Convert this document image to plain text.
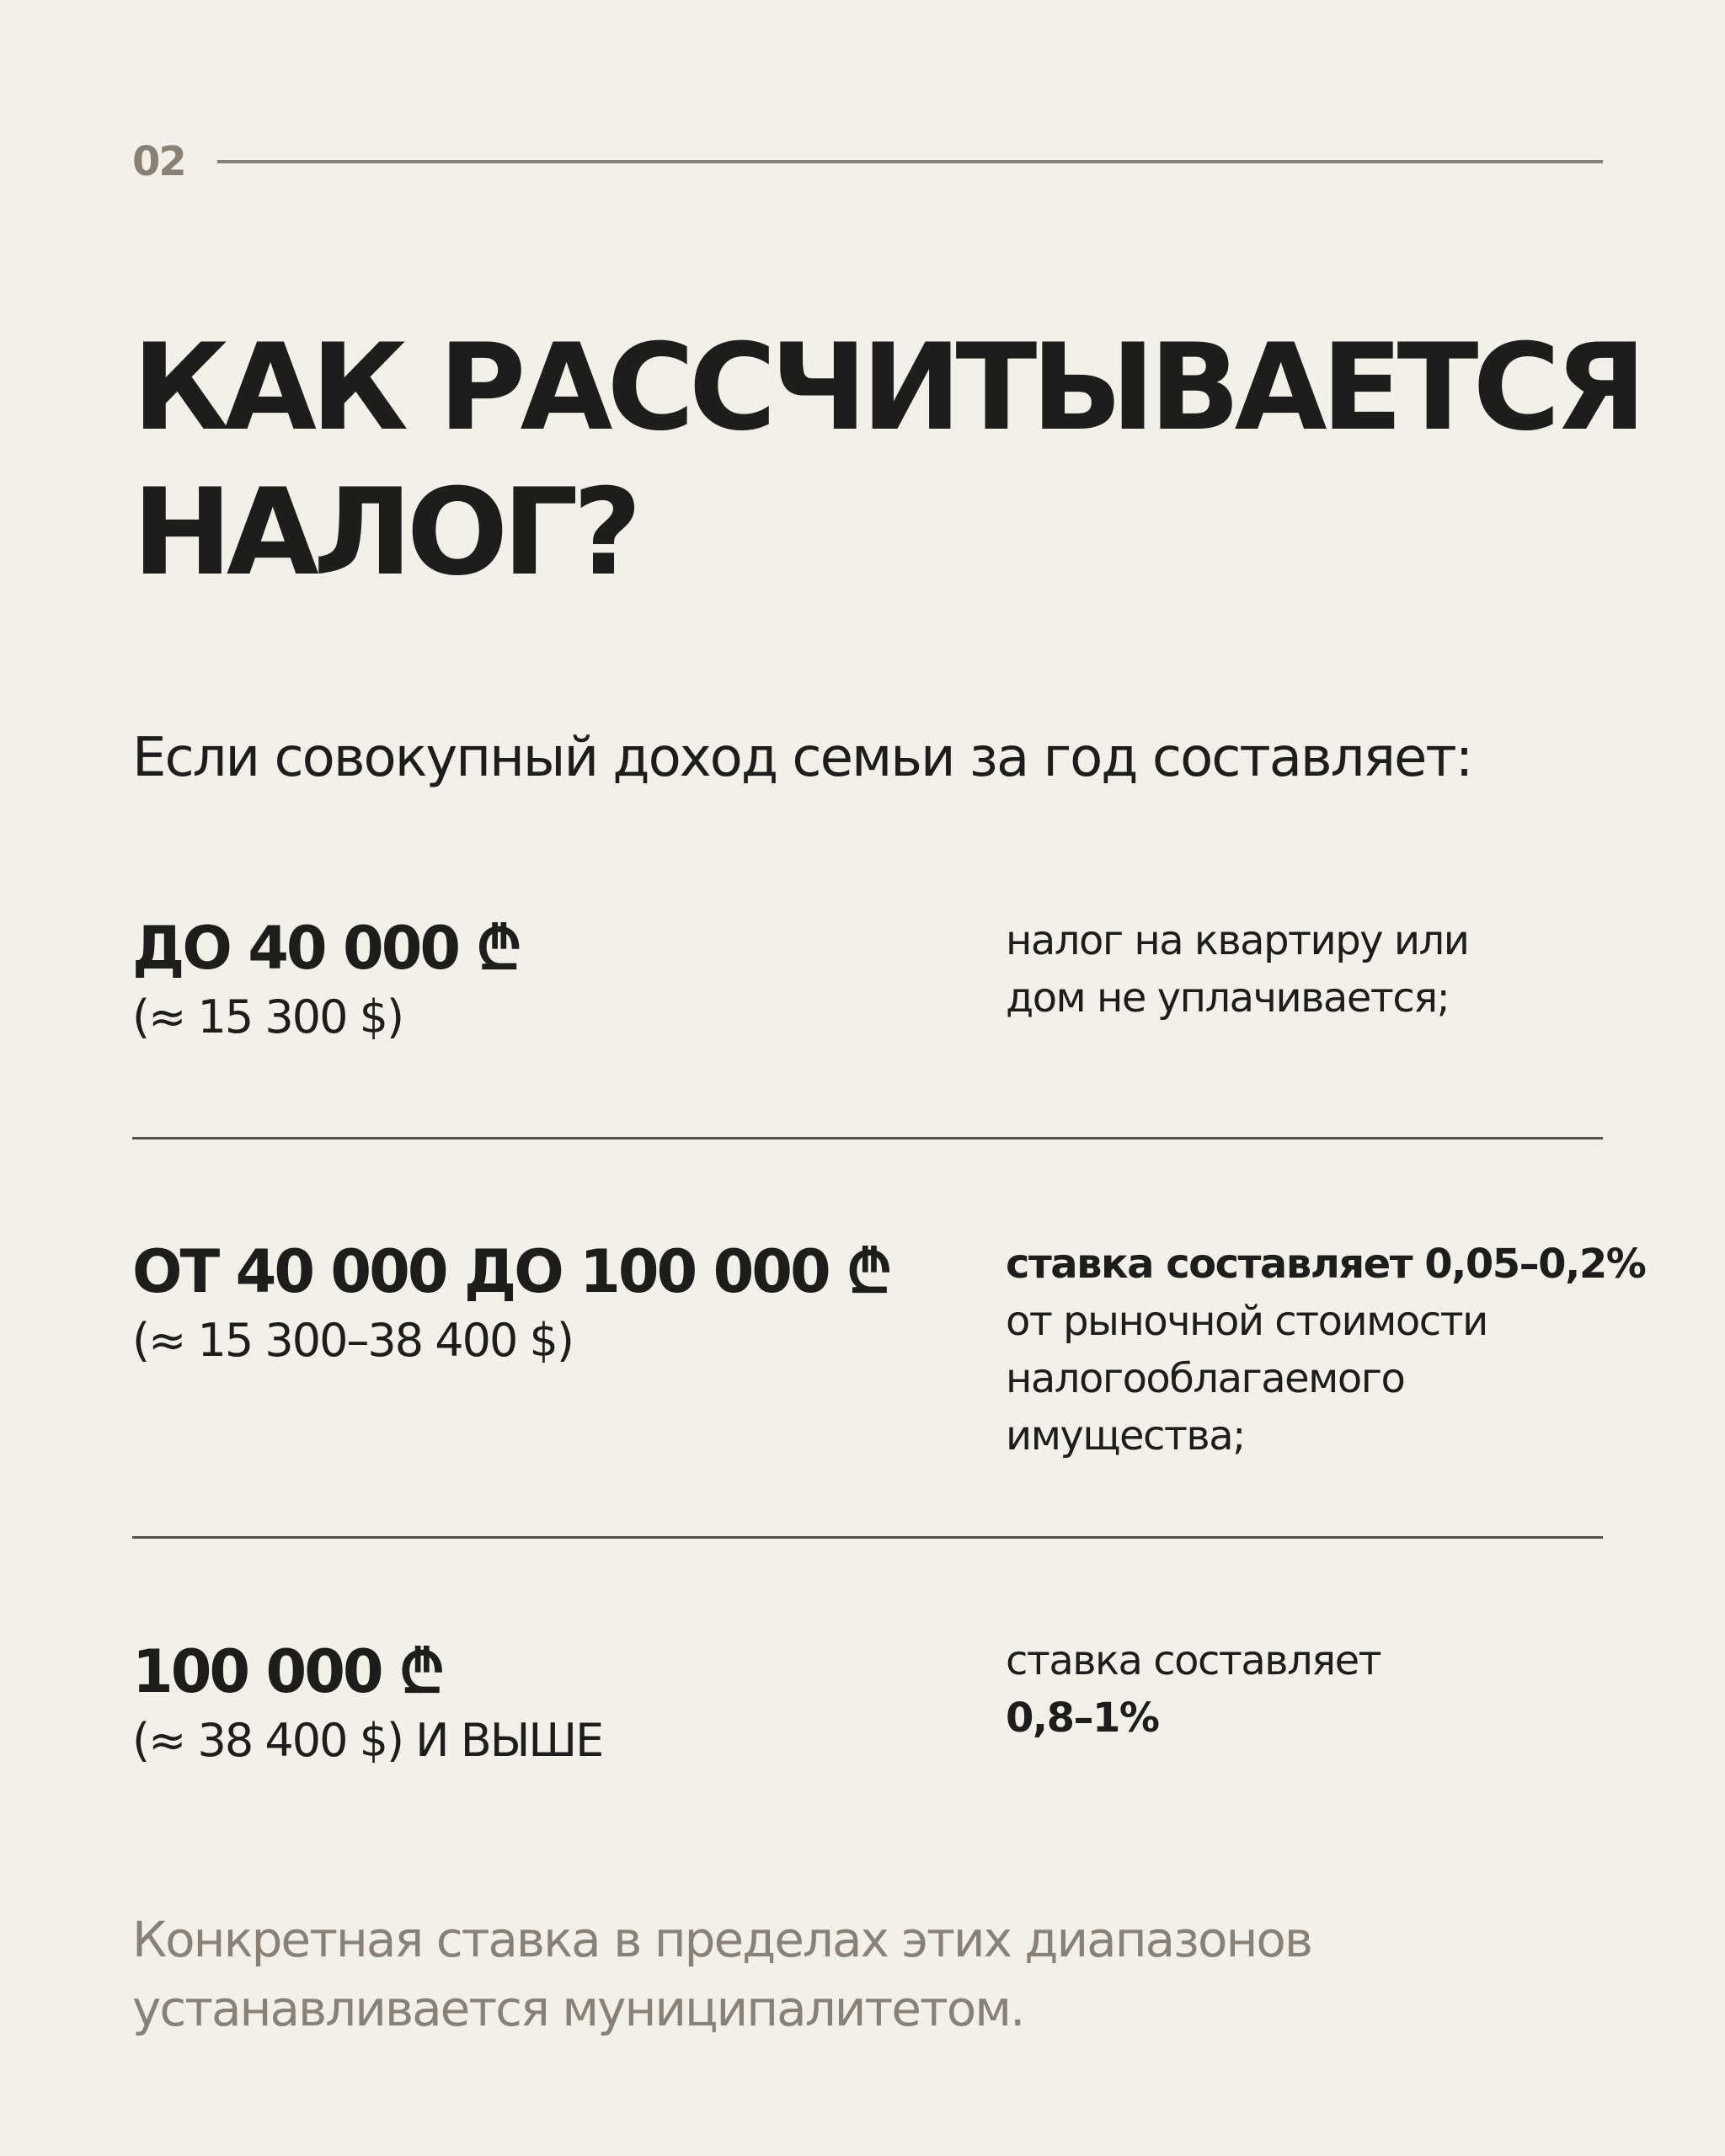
02
КАК РАССЧИТЫВАЕТСЯ
НАЛОГ?
Если совокупный доход семьи за год составляет:
ДО 40 000 ₾
(≈ 15 300 $)
налог на квартиру или
дом не уплачивается;
ОТ 40 000 ДО 100 000 ₾
(≈ 15 300–38 400 $)
ставка составляет 0,05–0,2%
от рыночной стоимости
налогооблагаемого
имущества;
100 000 ₾
(≈ 38 400 $) И ВЫШЕ
ставка составляет
0,8–1%
Конкретная ставка в пределах этих диапазонов
устанавливается муниципалитетом.
